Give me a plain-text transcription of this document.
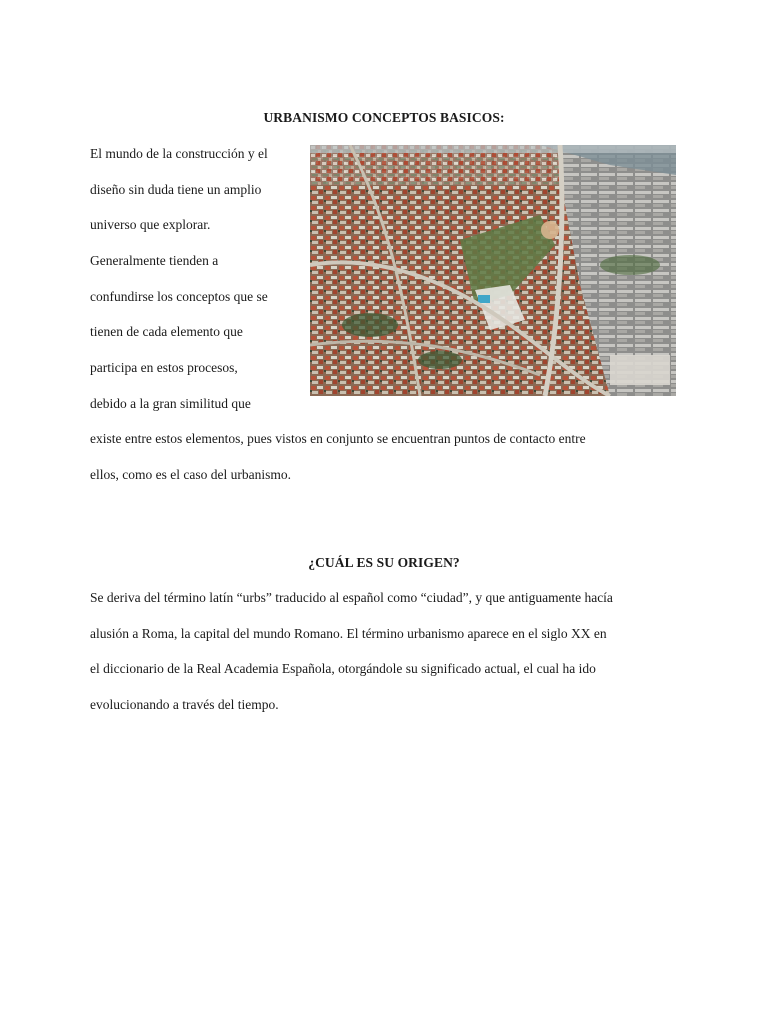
URBANISMO CONCEPTOS BASICOS:
El mundo de la construcción y el
diseño sin duda tiene un amplio
universo que explorar.
Generalmente tienden a
confundirse los conceptos que se
tienen de cada elemento que
participa en estos procesos,
debido a la gran similitud que
existe entre estos elementos, pues vistos en conjunto se encuentran puntos de contacto entre
ellos, como es el caso del urbanismo.
¿CUÁL ES SU ORIGEN?
Se deriva del término latín “urbs” traducido al español como “ciudad”, y que antiguamente hacía
alusión a Roma, la capital del mundo Romano. El término urbanismo aparece en el siglo XX en
el diccionario de la Real Academia Española, otorgándole su significado actual, el cual ha ido
evolucionando a través del tiempo.
